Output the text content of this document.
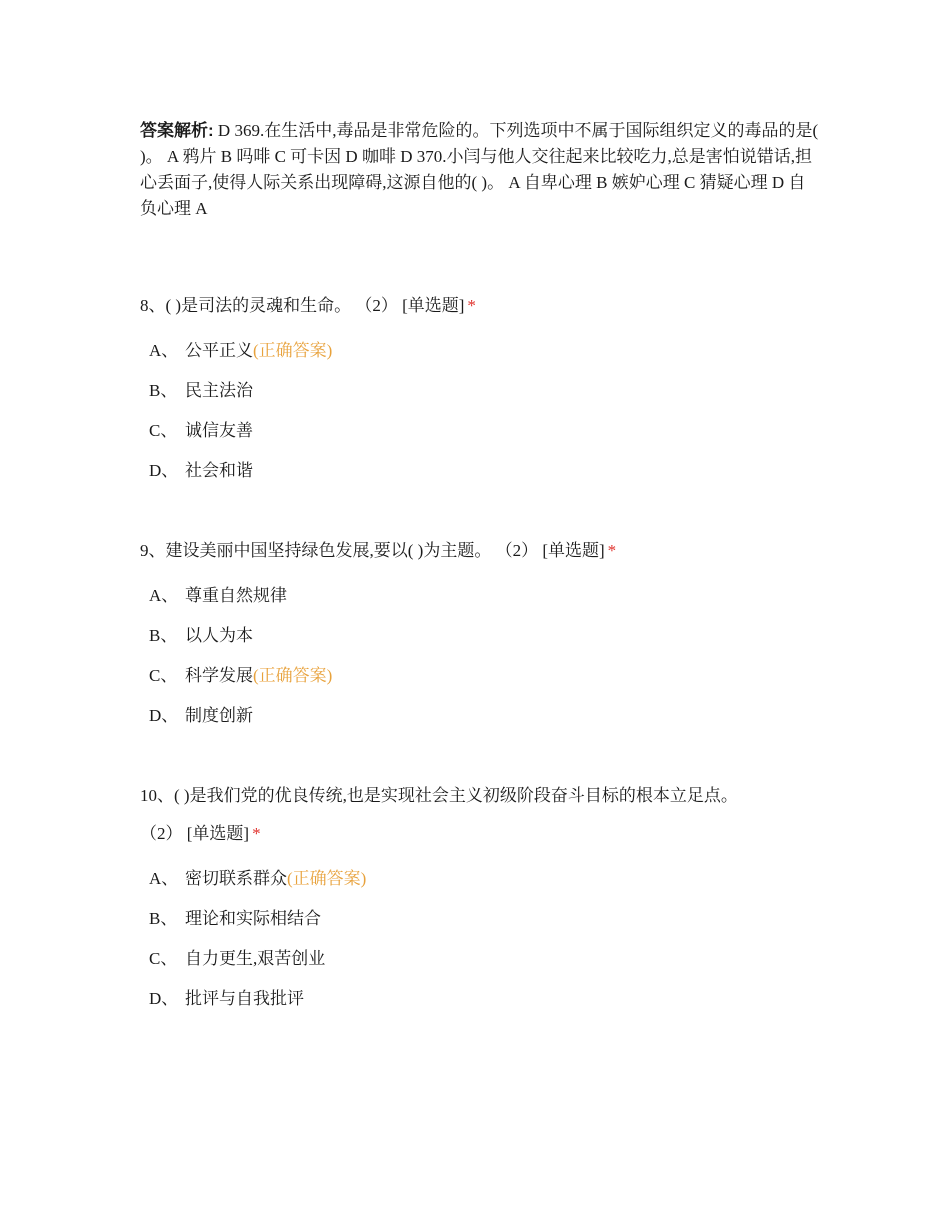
答案解析: D 369.在生活中,毒品是非常危险的。下列选项中不属于国际组织定义的毒品的是( )。 A 鸦片 B 吗啡 C 可卡因 D 咖啡 D 370.小闫与他人交往起来比较吃力,总是害怕说错话,担心丢面子,使得人际关系出现障碍,这源自他的( )。 A 自卑心理 B 嫉妒心理 C 猜疑心理 D 自负心理 A

8、( )是司法的灵魂和生命。 （2） [单选题] *

A、 公平正义(正确答案)
B、 民主法治
C、 诚信友善
D、 社会和谐

9、建设美丽中国坚持绿色发展,要以( )为主题。 （2） [单选题] *

A、 尊重自然规律
B、 以人为本
C、 科学发展(正确答案)
D、 制度创新

10、( )是我们党的优良传统,也是实现社会主义初级阶段奋斗目标的根本立足点。
（2） [单选题] *

A、 密切联系群众(正确答案)
B、 理论和实际相结合
C、 自力更生,艰苦创业
D、 批评与自我批评
